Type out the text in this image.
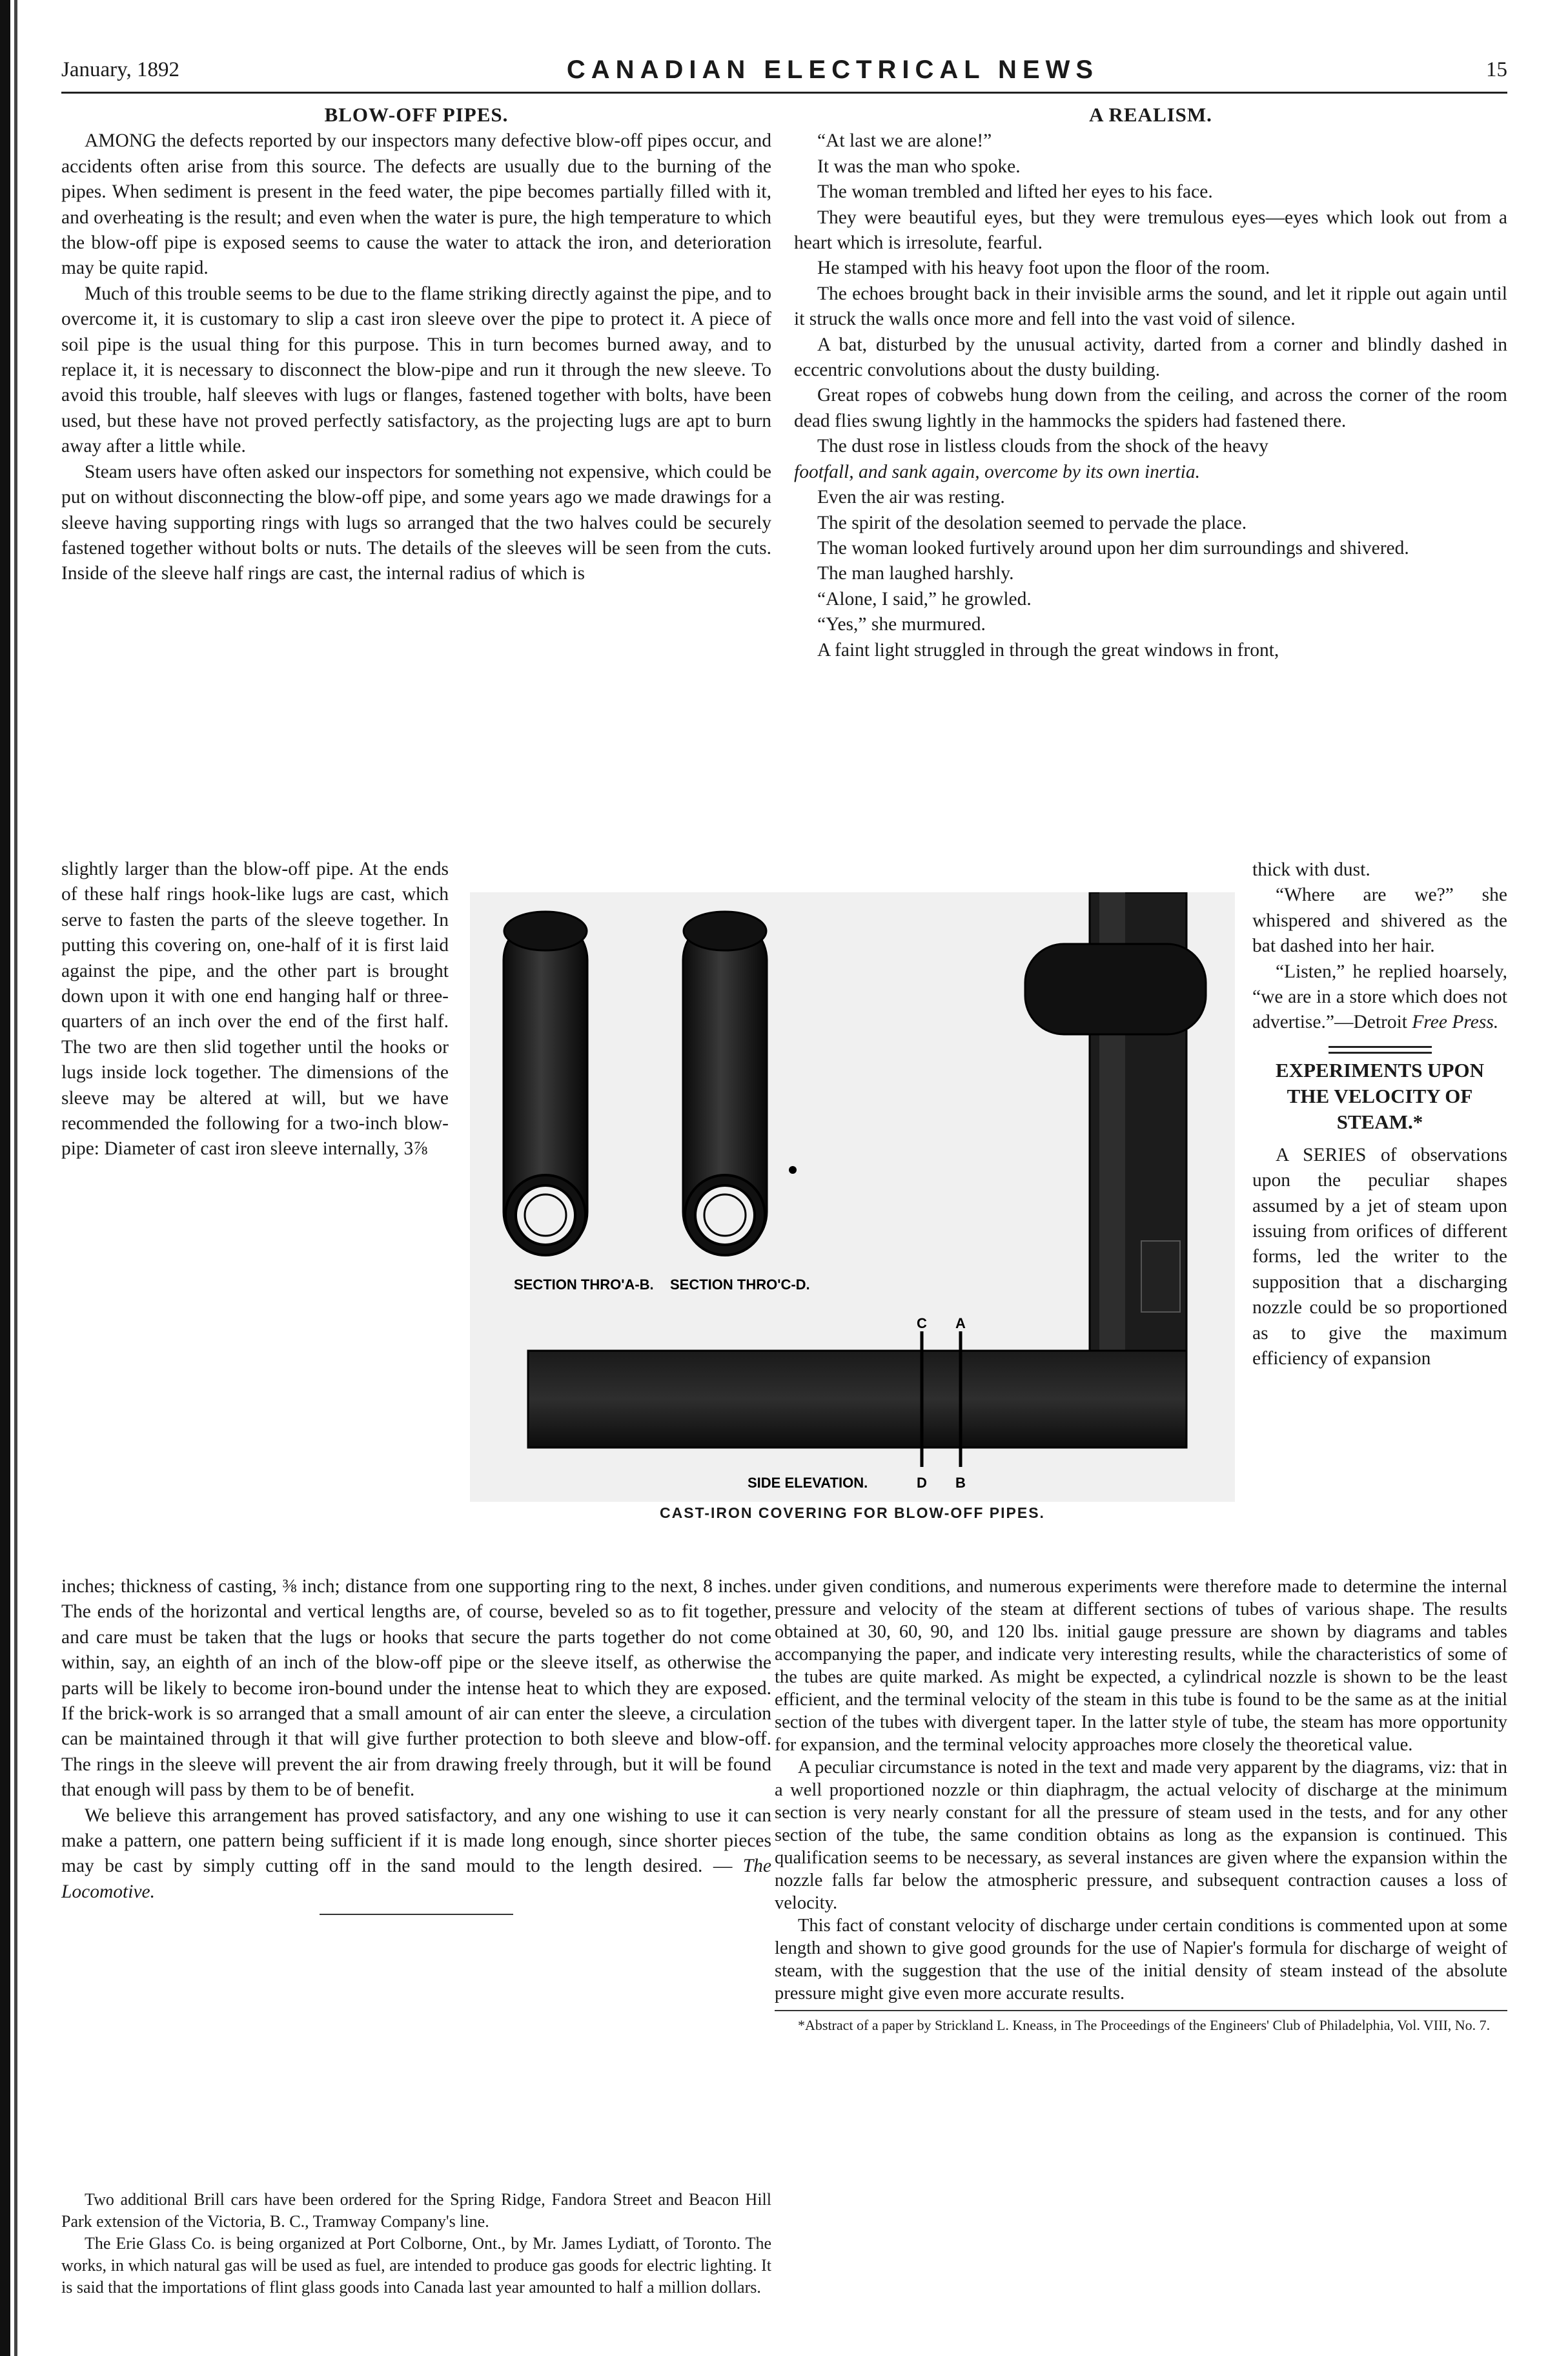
January, 1892	CANADIAN ELECTRICAL NEWS	15
BLOW-OFF PIPES.

AMONG the defects reported by our inspectors many defective blow-off pipes occur, and accidents often arise from this source. The defects are usually due to the burning of the pipes. When sediment is present in the feed water, the pipe becomes partially filled with it, and overheating is the result; and even when the water is pure, the high temperature to which the blow-off pipe is exposed seems to cause the water to attack the iron, and deterioration may be quite rapid.

Much of this trouble seems to be due to the flame striking directly against the pipe, and to overcome it, it is customary to slip a cast iron sleeve over the pipe to protect it. A piece of soil pipe is the usual thing for this purpose. This in turn becomes burned away, and to replace it, it is necessary to disconnect the blow-pipe and run it through the new sleeve. To avoid this trouble, half sleeves with lugs or flanges, fastened together with bolts, have been used, but these have not proved perfectly satisfactory, as the projecting lugs are apt to burn away after a little while.

Steam users have often asked our inspectors for something not expensive, which could be put on without disconnecting the blow-off pipe, and some years ago we made drawings for a sleeve having supporting rings with lugs so arranged that the two halves could be securely fastened together without bolts or nuts. The details of the sleeves will be seen from the cuts. Inside of the sleeve half rings are cast, the internal radius of which is

slightly larger than the blow-off pipe. At the ends of these half rings hook-like lugs are cast, which serve to fasten the parts of the sleeve together. In putting this covering on, one-half of it is first laid against the pipe, and the other part is brought down upon it with one end hanging half or three-quarters of an inch over the end of the first half. The two are then slid together until the hooks or lugs inside lock together. The dimensions of the sleeve may be altered at will, but we have recommended the following for a two-inch blow-pipe: Diameter of cast iron sleeve internally, 3⅞

inches; thickness of casting, ⅜ inch; distance from one supporting ring to the next, 8 inches. The ends of the horizontal and vertical lengths are, of course, beveled so as to fit together, and care must be taken that the lugs or hooks that secure the parts together do not come within, say, an eighth of an inch of the blow-off pipe or the sleeve itself, as otherwise the parts will be likely to become iron-bound under the intense heat to which they are exposed. If the brick-work is so arranged that a small amount of air can enter the sleeve, a circulation can be maintained through it that will give further protection to both sleeve and blow-off. The rings in the sleeve will prevent the air from drawing freely through, but it will be found that enough will pass by them to be of benefit.

We believe this arrangement has proved satisfactory, and any one wishing to use it can make a pattern, one pattern being sufficient if it is made long enough, since shorter pieces may be cast by simply cutting off in the sand mould to the length desired. — The Locomotive.

Two additional Brill cars have been ordered for the Spring Ridge, Fandora Street and Beacon Hill Park extension of the Victoria, B. C., Tramway Company's line.

The Erie Glass Co. is being organized at Port Colborne, Ont., by Mr. James Lydiatt, of Toronto. The works, in which natural gas will be used as fuel, are intended to produce gas goods for electric lighting. It is said that the importations of flint glass goods into Canada last year amounted to half a million dollars.

A REALISM.

“At last we are alone!”

It was the man who spoke.

The woman trembled and lifted her eyes to his face.

They were beautiful eyes, but they were tremulous eyes—eyes which look out from a heart which is irresolute, fearful.

He stamped with his heavy foot upon the floor of the room.

The echoes brought back in their invisible arms the sound, and let it ripple out again until it struck the walls once more and fell into the vast void of silence.

A bat, disturbed by the unusual activity, darted from a corner and blindly dashed in eccentric convolutions about the dusty building.

Great ropes of cobwebs hung down from the ceiling, and across the corner of the room dead flies swung lightly in the hammocks the spiders had fastened there.

The dust rose in listless clouds from the shock of the heavy

footfall, and sank again, overcome by its own inertia.

Even the air was resting.

The spirit of the desolation seemed to pervade the place.

The woman looked furtively around upon her dim surroundings and shivered.

The man laughed harshly.

“Alone, I said,” he growled.

“Yes,” she murmured.

A faint light struggled in through the great windows in front,

thick with dust.

“Where are we?” she whispered and shivered as the bat dashed into her hair.

“Listen,” he replied hoarsely, “we are in a store which does not advertise.”—Detroit Free Press.

EXPERIMENTS UPON THE VELOCITY OF STEAM.*

A SERIES of observations upon the peculiar shapes assumed by a jet of steam upon issuing from orifices of different forms, led the writer to the supposition that a discharging nozzle could be so proportioned as to give the maximum efficiency of expansion

under given conditions, and numerous experiments were therefore made to determine the internal pressure and velocity of the steam at different sections of tubes of various shape. The results obtained at 30, 60, 90, and 120 lbs. initial gauge pressure are shown by diagrams and tables accompanying the paper, and indicate very interesting results, while the characteristics of some of the tubes are quite marked. As might be expected, a cylindrical nozzle is shown to be the least efficient, and the terminal velocity of the steam in this tube is found to be the same as at the initial section of the tubes with divergent taper. In the latter style of tube, the steam has more opportunity for expansion, and the terminal velocity approaches more closely the theoretical value.

A peculiar circumstance is noted in the text and made very apparent by the diagrams, viz: that in a well proportioned nozzle or thin diaphragm, the actual velocity of discharge at the minimum section is very nearly constant for all the pressure of steam used in the tests, and for any other section of the tube, the same condition obtains as long as the expansion is continued. This qualification seems to be necessary, as several instances are given where the expansion within the nozzle falls far below the atmospheric pressure, and subsequent contraction causes a loss of velocity.

This fact of constant velocity of discharge under certain conditions is commented upon at some length and shown to give good grounds for the use of Napier's formula for discharge of weight of steam, with the suggestion that the use of the initial density of steam instead of the absolute pressure might give even more accurate results.

*Abstract of a paper by Strickland L. Kneass, in The Proceedings of the Engineers' Club of Philadelphia, Vol. VIII, No. 7.

SECTION THRO'A-B. SECTION THRO'C-D.
C A
D B
SIDE ELEVATION.
CAST-IRON COVERING FOR BLOW-OFF PIPES.
